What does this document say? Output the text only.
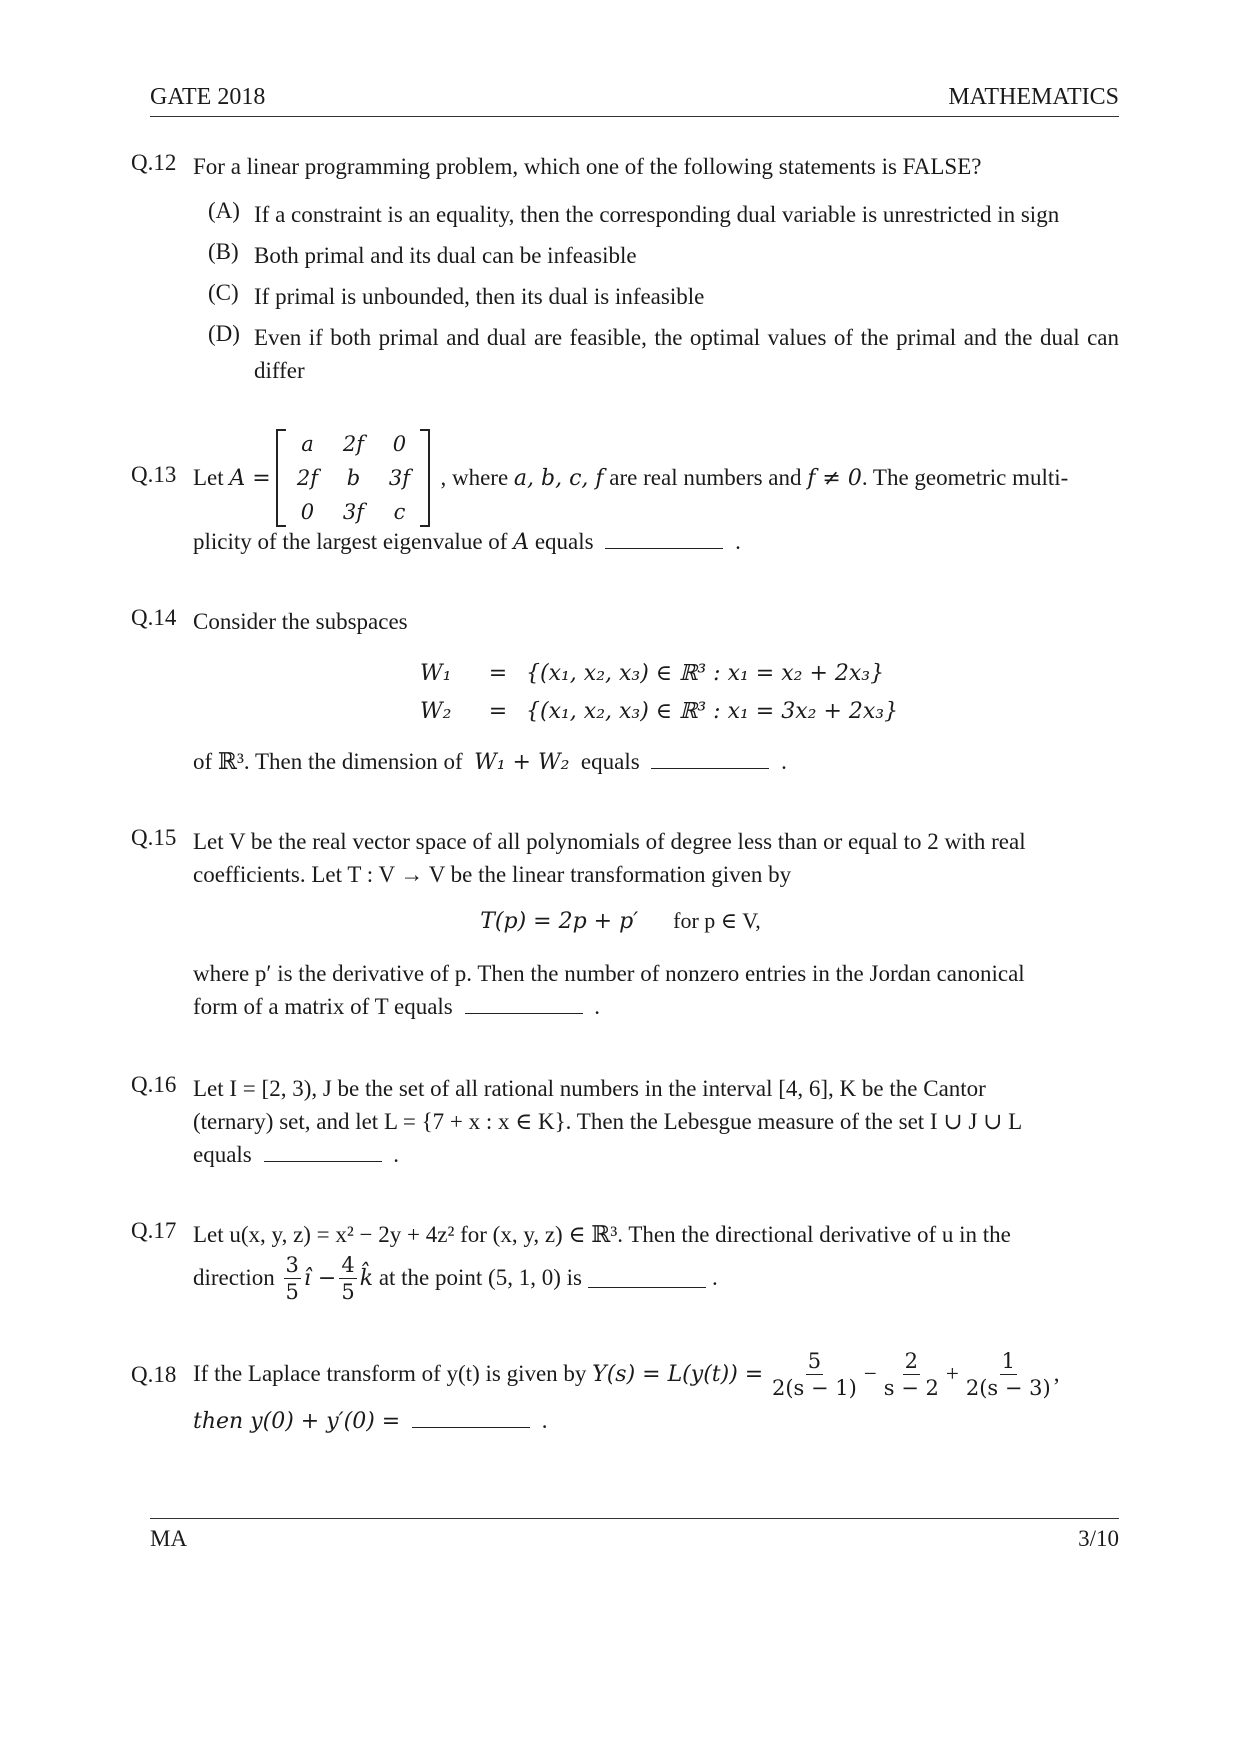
GATE 2018	MATHEMATICS
Q.12 For a linear programming problem, which one of the following statements is FALSE?
(A) If a constraint is an equality, then the corresponding dual variable is unrestricted in sign
(B) Both primal and its dual can be infeasible
(C) If primal is unbounded, then its dual is infeasible
(D) Even if both primal and dual are feasible, the optimal values of the primal and the dual can differ
Q.13 Let
A =

a	2f	0
2f	b	3f
0	3f	c
, where
a, b, c, f
are real numbers and
f ≠ 0 . The geometric multi-
plicity of the largest eigenvalue of A equals	.
Q.14 Consider the subspaces
W₁ = {(x₁, x₂, x₃) ∈ ℝ³ : x₁ = x₂ + 2x₃}
W₂ = {(x₁, x₂, x₃) ∈ ℝ³ : x₁ = 3x₂ + 2x₃}
of ℝ³. Then the dimension of W₁ + W₂ equals	.
Q.15 Let V be the real vector space of all polynomials of degree less than or equal to 2 with real
coefficients. Let T : V → V be the linear transformation given by
T(p) = 2p + p′ for p ∈ V,
where p′ is the derivative of p. Then the number of nonzero entries in the Jordan canonical
form of a matrix of T equals	.
Q.16 Let I = [2, 3), J be the set of all rational numbers in the interval [4, 6], K be the Cantor
(ternary) set, and let L = {7 + x : x ∈ K}. Then the Lebesgue measure of the set I ∪ J ∪ L
equals	.
Q.17 Let u(x, y, z) = x² − 2y + 4z² for (x, y, z) ∈ ℝ³. Then the directional derivative of u in the
direction
$\frac{3}{5}$ î − $\frac{4}{5}$ k̂
at the point (5, 1, 0) is	.
Q.18 If the Laplace transform of y(t) is given by
Y(s) = L(y(t)) =
$\frac{5}{2(s - 1)} - \frac{2}{s - 2} + \frac{1}{2(s - 3)}$ ,
then y(0) + y′(0) =	.
MA	3/10
